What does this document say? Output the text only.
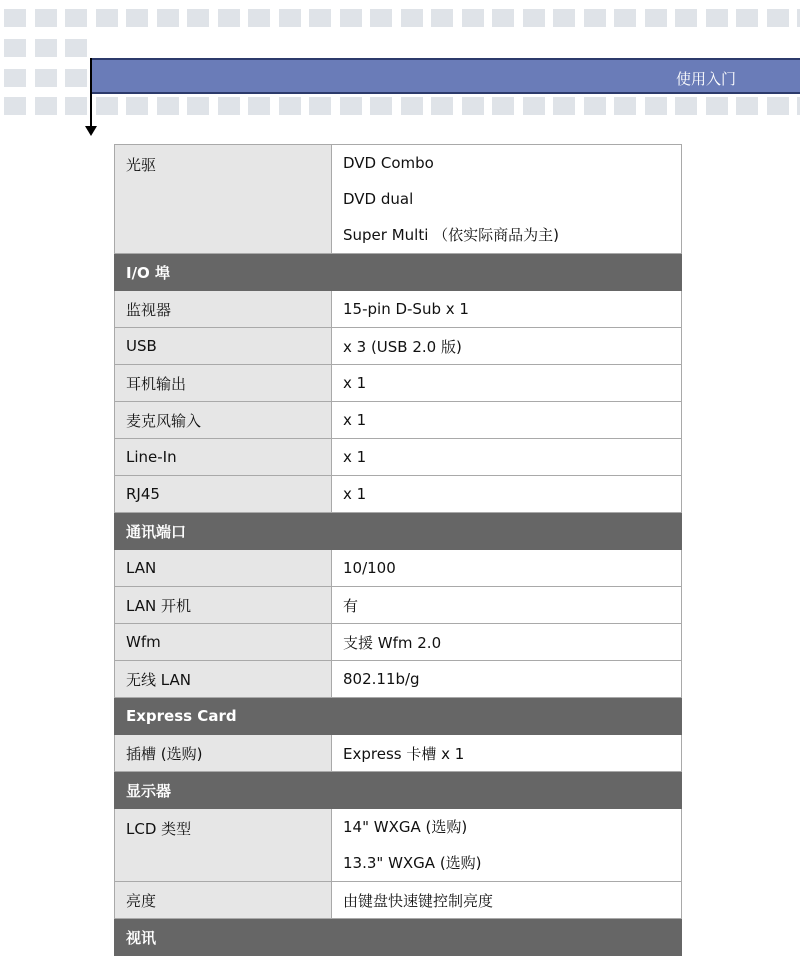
使用入门
光驱	DVD Combo
DVD dual
Super Multi （依实际商品为主)

I/O 埠	
监视器	15-pin D-Sub x 1
USB	x 3 (USB 2.0 版)
耳机输出	x 1
麦克风输入	x 1
Line-In	x 1
RJ45	x 1
通讯端口	
LAN	10/100
LAN 开机	有
Wfm	支援 Wfm 2.0
无线 LAN	802.11b/g
Express Card	
插槽 (选购)	Express 卡槽 x 1
显示器	
LCD 类型	14" WXGA (选购)
13.3" WXGA (选购)

亮度	由键盘快速键控制亮度
视讯	
